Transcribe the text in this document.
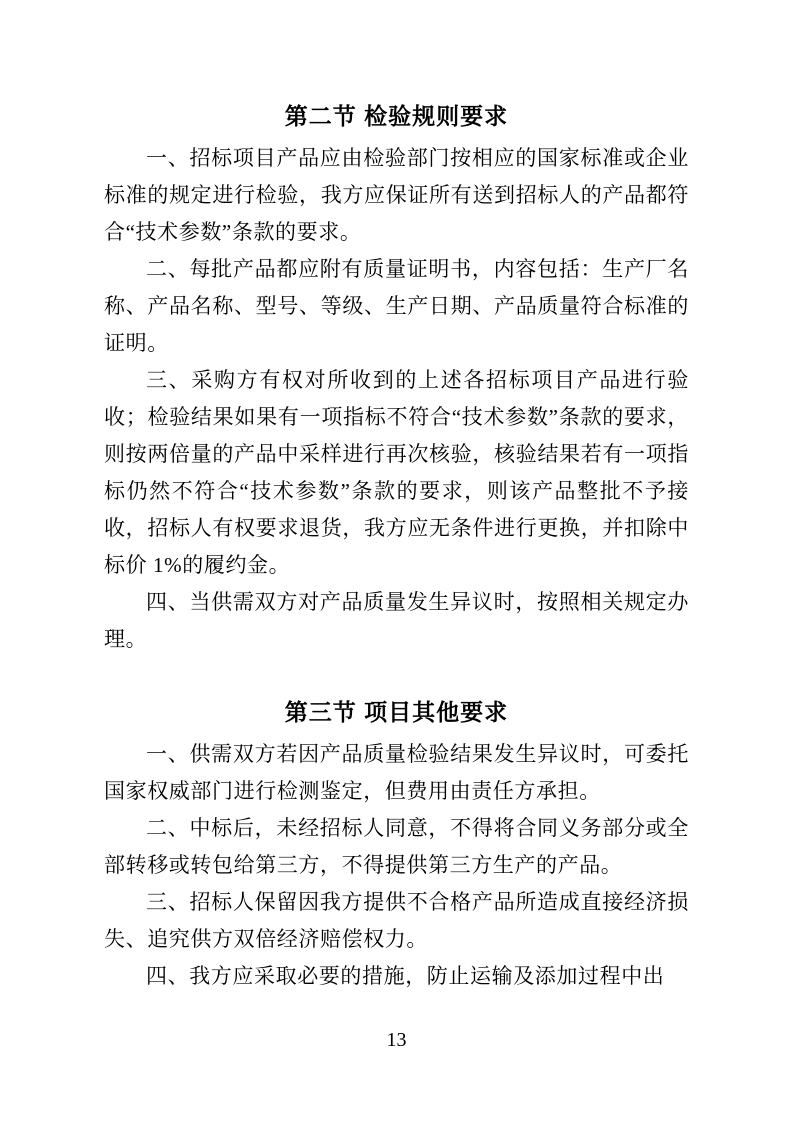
第二节 检验规则要求

一、招标项目产品应由检验部门按相应的国家标准或企业标准的规定进行检验，我方应保证所有送到招标人的产品都符合“技术参数”条款的要求。

二、每批产品都应附有质量证明书，内容包括：生产厂名称、产品名称、型号、等级、生产日期、产品质量符合标准的证明。

三、采购方有权对所收到的上述各招标项目产品进行验收；检验结果如果有一项指标不符合“技术参数”条款的要求，则按两倍量的产品中采样进行再次核验，核验结果若有一项指标仍然不符合“技术参数”条款的要求，则该产品整批不予接收，招标人有权要求退货，我方应无条件进行更换，并扣除中标价 1%的履约金。

四、当供需双方对产品质量发生异议时，按照相关规定办理。

第三节 项目其他要求

一、供需双方若因产品质量检验结果发生异议时，可委托国家权威部门进行检测鉴定，但费用由责任方承担。

二、中标后，未经招标人同意，不得将合同义务部分或全部转移或转包给第三方，不得提供第三方生产的产品。

三、招标人保留因我方提供不合格产品所造成直接经济损失、追究供方双倍经济赔偿权力。

四、我方应采取必要的措施，防止运输及添加过程中出

13
